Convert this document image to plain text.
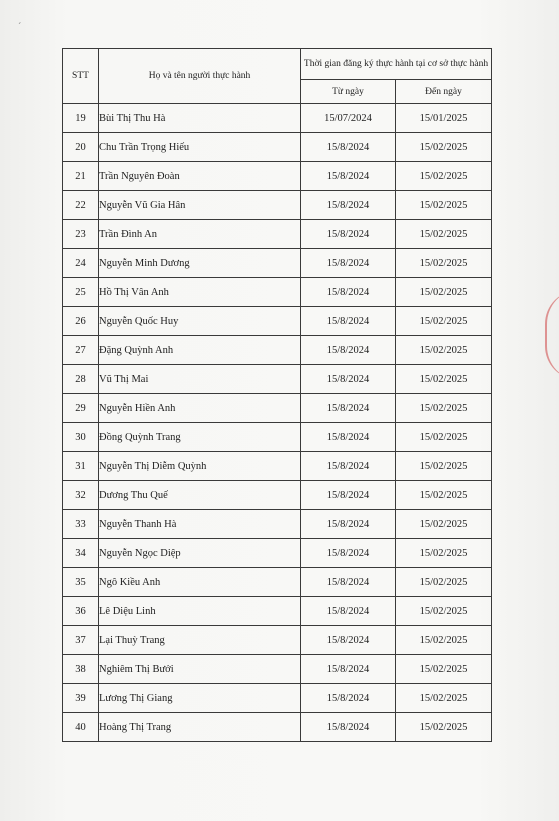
ˊ
STT	Họ và tên người thực hành	Thời gian đăng ký thực hành tại cơ sở thực hành	
		Từ ngày	Đến ngày
19	Bùi Thị Thu Hà	15/07/2024	15/01/2025
20	Chu Trần Trọng Hiếu	15/8/2024	15/02/2025
21	Trần Nguyên Đoàn	15/8/2024	15/02/2025
22	Nguyễn Vũ Gia Hân	15/8/2024	15/02/2025
23	Trần Đình An	15/8/2024	15/02/2025
24	Nguyễn Minh Dương	15/8/2024	15/02/2025
25	Hồ Thị Vân Anh	15/8/2024	15/02/2025
26	Nguyễn Quốc Huy	15/8/2024	15/02/2025
27	Đặng Quỳnh Anh	15/8/2024	15/02/2025
28	Vũ Thị Mai	15/8/2024	15/02/2025
29	Nguyễn Hiền Anh	15/8/2024	15/02/2025
30	Đồng Quỳnh Trang	15/8/2024	15/02/2025
31	Nguyễn Thị Diễm Quỳnh	15/8/2024	15/02/2025
32	Dương Thu Quế	15/8/2024	15/02/2025
33	Nguyễn Thanh Hà	15/8/2024	15/02/2025
34	Nguyễn Ngọc Diệp	15/8/2024	15/02/2025
35	Ngô Kiều Anh	15/8/2024	15/02/2025
36	Lê Diệu Linh	15/8/2024	15/02/2025
37	Lại Thuỳ Trang	15/8/2024	15/02/2025
38	Nghiêm Thị Bưởi	15/8/2024	15/02/2025
39	Lương Thị Giang	15/8/2024	15/02/2025
40	Hoàng Thị Trang	15/8/2024	15/02/2025
